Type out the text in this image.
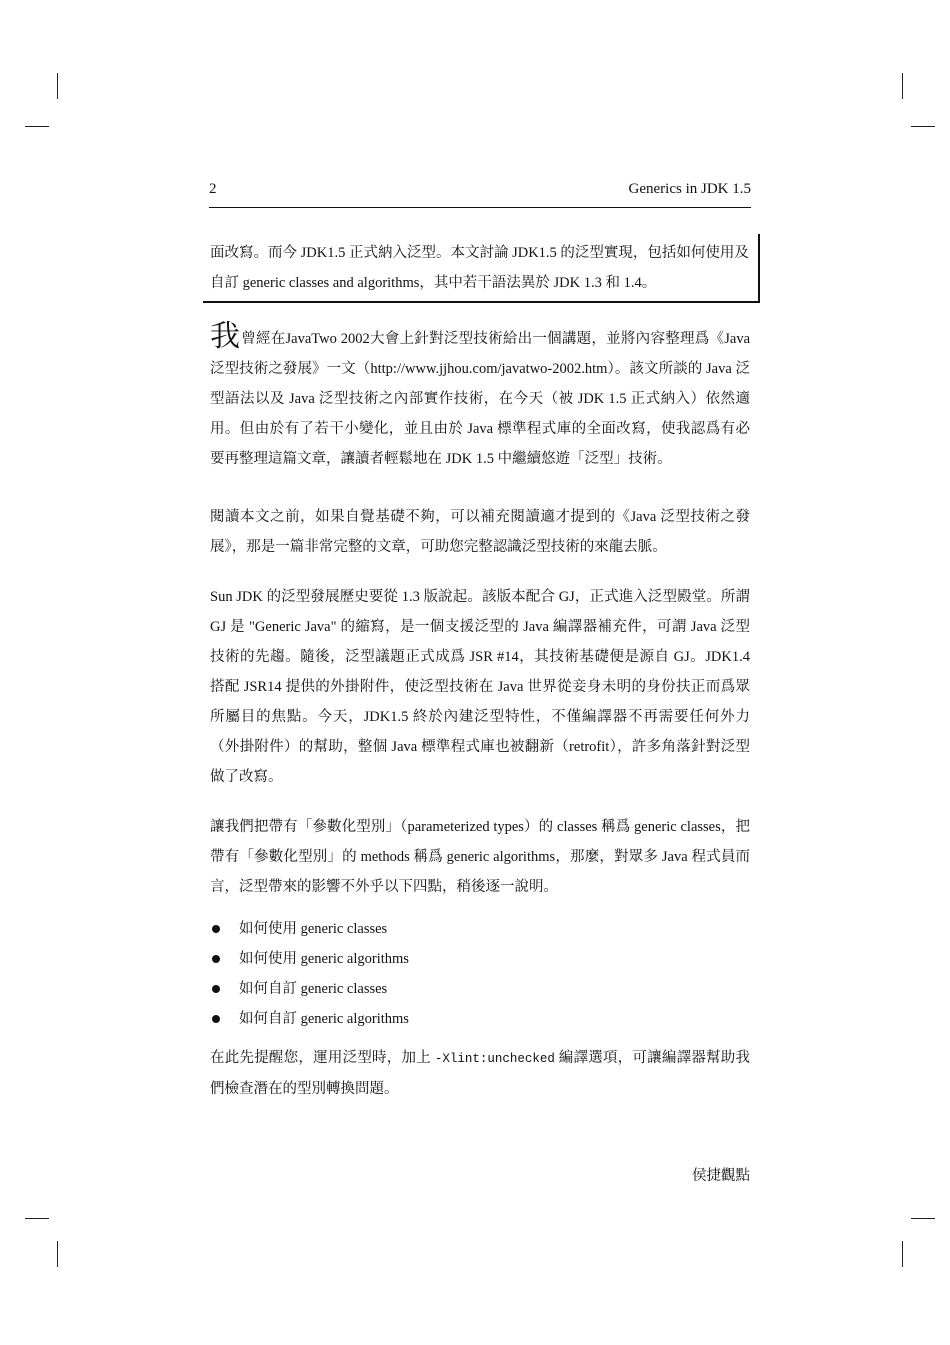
2	Generics in JDK 1.5
面改寫。而今 JDK1.5 正式納入泛型。本文討論 JDK1.5 的泛型實現，包括如何使用及自訂 generic classes and algorithms，其中若干語法異於 JDK 1.3 和 1.4。
我曾經在JavaTwo 2002大會上針對泛型技術給出一個講題，並將內容整理爲《Java 泛型技術之發展》一文（http://www.jjhou.com/javatwo-2002.htm）。該文所談的 Java 泛型語法以及 Java 泛型技術之內部實作技術，在今天（被 JDK 1.5 正式納入）依然適用。但由於有了若干小變化，並且由於 Java 標準程式庫的全面改寫，使我認爲有必要再整理這篇文章，讓讀者輕鬆地在 JDK 1.5 中繼續悠遊「泛型」技術。
閱讀本文之前，如果自覺基礎不夠，可以補充閱讀適才提到的《Java 泛型技術之發展》，那是一篇非常完整的文章，可助您完整認識泛型技術的來龍去脈。
Sun JDK 的泛型發展歷史要從 1.3 版說起。該版本配合 GJ，正式進入泛型殿堂。所謂 GJ 是 "Generic Java" 的縮寫，是一個支援泛型的 Java 編譯器補充件，可謂 Java 泛型技術的先趨。隨後，泛型議題正式成爲 JSR #14，其技術基礎便是源自 GJ。JDK1.4 搭配 JSR14 提供的外掛附件，使泛型技術在 Java 世界從妾身未明的身份扶正而爲眾所屬目的焦點。今天，JDK1.5 終於內建泛型特性，不僅編譯器不再需要任何外力（外掛附件）的幫助，整個 Java 標準程式庫也被翻新（retrofit），許多角落針對泛型做了改寫。
讓我們把帶有「參數化型別」（parameterized types）的 classes 稱爲 generic classes，把帶有「參數化型別」的 methods 稱爲 generic algorithms，那麼，對眾多 Java 程式員而言，泛型帶來的影響不外乎以下四點，稍後逐一說明。
如何使用 generic classes
如何使用 generic algorithms
如何自訂 generic classes
如何自訂 generic algorithms
在此先提醒您，運用泛型時，加上 -Xlint:unchecked 編譯選項，可讓編譯器幫助我們檢查潛在的型別轉換問題。
侯捷觀點
